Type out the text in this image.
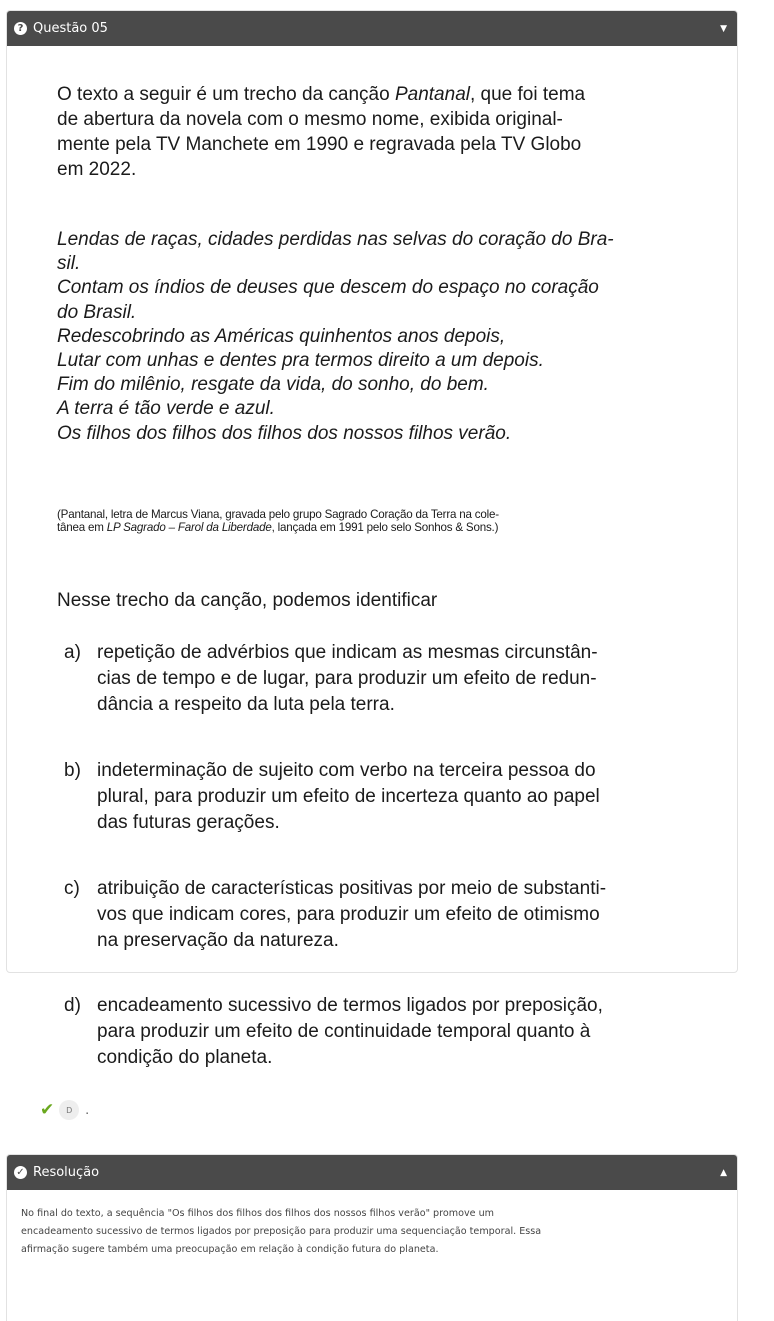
? Questão 05	▼

O texto a seguir é um trecho da canção Pantanal, que foi tema

de abertura da novela com o mesmo nome, exibida original-

mente pela TV Manchete em 1990 e regravada pela TV Globo

em 2022.

Lendas de raças, cidades perdidas nas selvas do coração do Bra-
sil.
Contam os índios de deuses que descem do espaço no coração
do Brasil.
Redescobrindo as Américas quinhentos anos depois,
Lutar com unhas e dentes pra termos direito a um depois.
Fim do milênio, resgate da vida, do sonho, do bem.
A terra é tão verde e azul.
Os filhos dos filhos dos filhos dos nossos filhos verão.
(Pantanal, letra de Marcus Viana, gravada pelo grupo Sagrado Coração da Terra na cole-
tânea em LP Sagrado – Farol da Liberdade, lançada em 1991 pelo selo Sonhos & Sons.)
Nesse trecho da canção, podemos identificar
a) repetição de advérbios que indicam as mesmas circunstân-
cias de tempo e de lugar, para produzir um efeito de redun-
dância a respeito da luta pela terra.
b) indeterminação de sujeito com verbo na terceira pessoa do
plural, para produzir um efeito de incerteza quanto ao papel
das futuras gerações.
c) atribuição de características positivas por meio de substanti-
vos que indicam cores, para produzir um efeito de otimismo
na preservação da natureza.
d) encadeamento sucessivo de termos ligados por preposição,
para produzir um efeito de continuidade temporal quanto à
condição do planeta.
✔	D	.
✓ Resolução	▲

No final do texto, a sequência "Os filhos dos filhos dos filhos dos nossos filhos verão" promove um

encadeamento sucessivo de termos ligados por preposição para produzir uma sequenciação temporal. Essa

afirmação sugere também uma preocupação em relação à condição futura do planeta.
